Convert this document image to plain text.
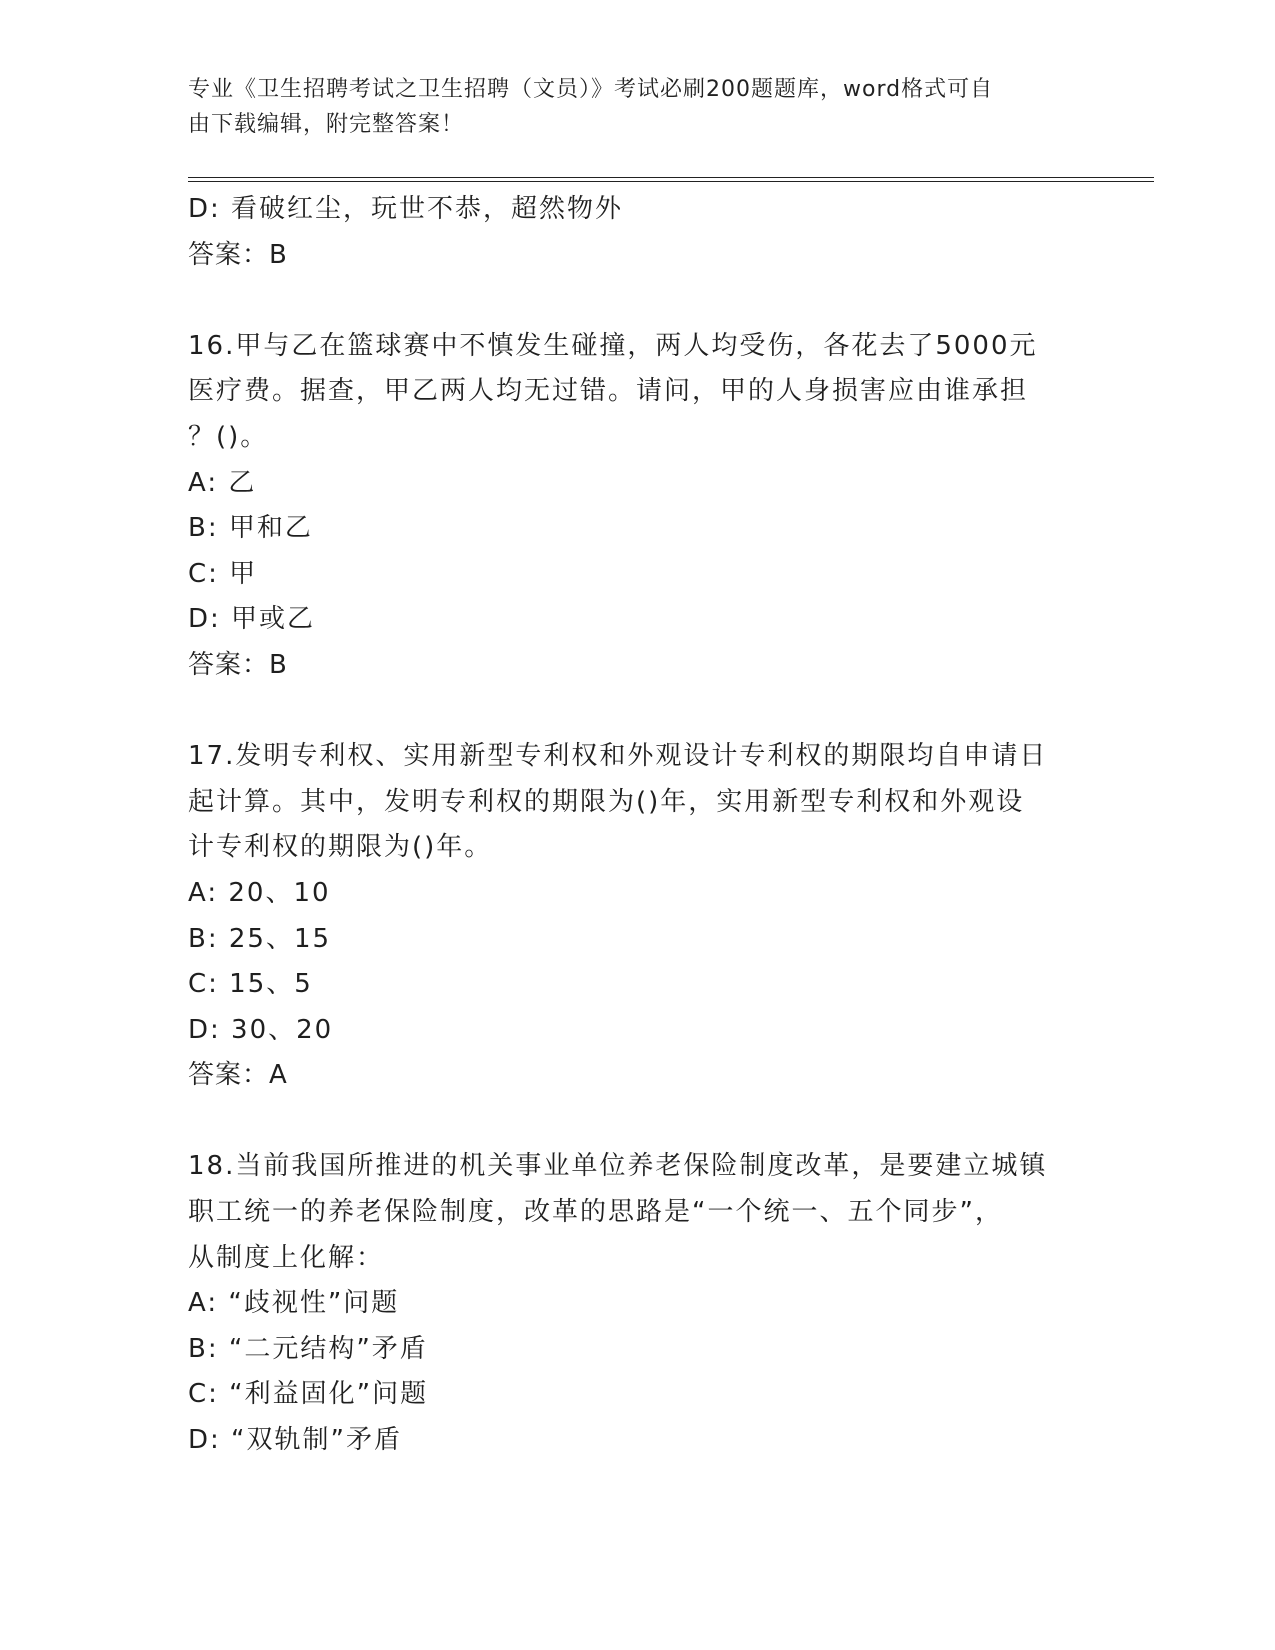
专业《卫生招聘考试之卫生招聘（文员）》考试必刷200题题库，word格式可自
由下载编辑，附完整答案！
D: 看破红尘，玩世不恭，超然物外
答案：B
16.甲与乙在篮球赛中不慎发生碰撞，两人均受伤，各花去了5000元
医疗费。据查，甲乙两人均无过错。请问，甲的人身损害应由谁承担
？()。
A: 乙
B: 甲和乙
C: 甲
D: 甲或乙
答案：B
17.发明专利权、实用新型专利权和外观设计专利权的期限均自申请日
起计算。其中，发明专利权的期限为()年，实用新型专利权和外观设
计专利权的期限为()年。
A: 20、10
B: 25、15
C: 15、5
D: 30、20
答案：A
18.当前我国所推进的机关事业单位养老保险制度改革，是要建立城镇
职工统一的养老保险制度，改革的思路是“一个统一、五个同步”，
从制度上化解：
A: “歧视性”问题
B: “二元结构”矛盾
C: “利益固化”问题
D: “双轨制”矛盾
